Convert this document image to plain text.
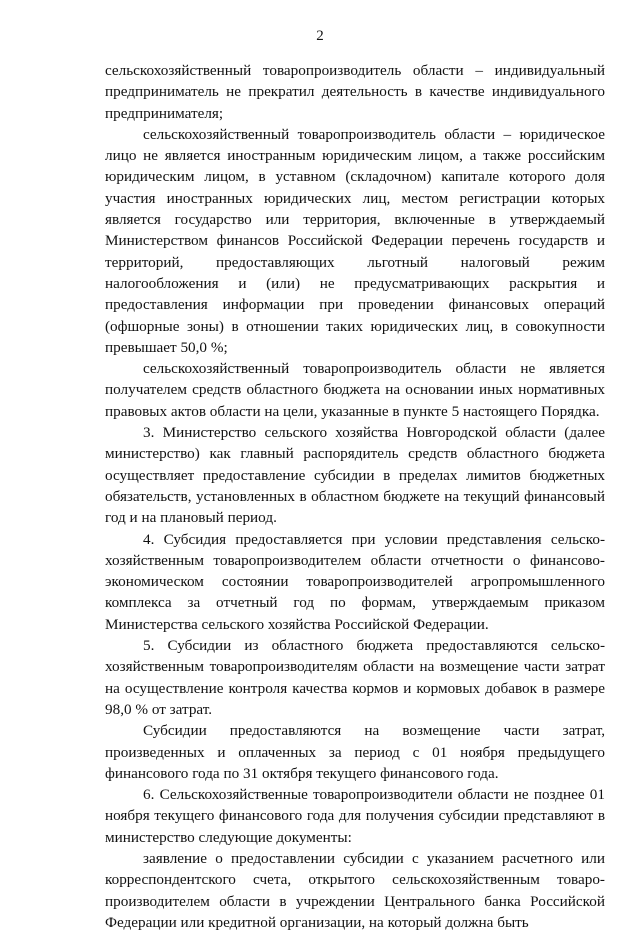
2

сельскохозяйственный товаропроизводитель области – индивидуальный предприниматель не прекратил деятельность в качестве индивидуального предпринимателя;

сельскохозяйственный товаропроизводитель области – юридическое лицо не является иностранным юридическим лицом, а также российским юридическим лицом, в уставном (складочном) капитале которого доля участия иностранных юридических лиц, местом регистрации которых является государство или территория, включенные в утверждаемый Министерством финансов Российской Федерации перечень государств и территорий, предоставляющих льготный налоговый режим налогообложения и (или) не предусматривающих раскрытия и предоставления информации при проведении финансовых операций (офшорные зоны) в отношении таких юридических лиц, в совокупности превышает 50,0 %;

сельскохозяйственный товаропроизводитель области не является получателем средств областного бюджета на основании иных нормативных правовых актов области на цели, указанные в пункте 5 настоящего Порядка.

3. Министерство сельского хозяйства Новгородской области (далее министерство) как главный распорядитель средств областного бюджета осуществляет предоставление субсидии в пределах лимитов бюджетных обязательств, установленных в областном бюджете на текущий финансовый год и на плановый период.

4. Субсидия предоставляется при условии представления сельско-хозяйственным товаропроизводителем области отчетности о финансово-экономическом состоянии товаропроизводителей агропромышленного комплекса за отчетный год по формам, утверждаемым приказом Министерства сельского хозяйства Российской Федерации.

5. Субсидии из областного бюджета предоставляются сельско-хозяйственным товаропроизводителям области на возмещение части затрат на осуществление контроля качества кормов и кормовых добавок в размере 98,0 % от затрат.

Субсидии предоставляются на возмещение части затрат, произведенных и оплаченных за период с 01 ноября предыдущего финансового года по 31 октября текущего финансового года.

6. Сельскохозяйственные товаропроизводители области не позднее 01 ноября текущего финансового года для получения субсидии представляют в министерство следующие документы:

заявление о предоставлении субсидии с указанием расчетного или корреспондентского счета, открытого сельскохозяйственным товаро-производителем области в учреждении Центрального банка Российской Федерации или кредитной организации, на который должна быть
